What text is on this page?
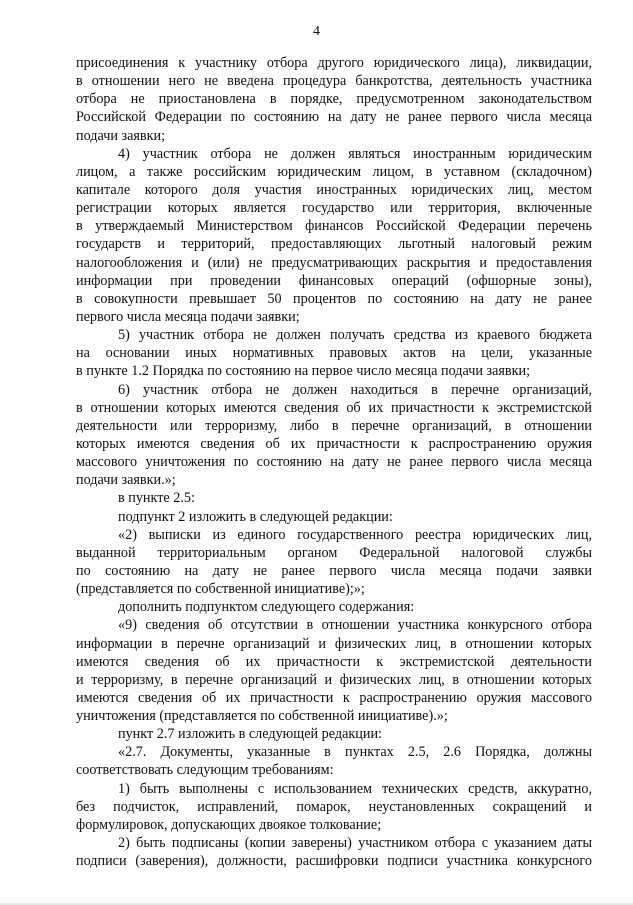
4
присоединения к участнику отбора другого юридического лица), ликвидации,
в отношении него не введена процедура банкротства, деятельность участника
отбора не приостановлена в порядке, предусмотренном законодательством
Российской Федерации по состоянию на дату не ранее первого числа месяца
подачи заявки;
4) участник отбора не должен являться иностранным юридическим
лицом, а также российским юридическим лицом, в уставном (складочном)
капитале которого доля участия иностранных юридических лиц, местом
регистрации которых является государство или территория, включенные
в утверждаемый Министерством финансов Российской Федерации перечень
государств и территорий, предоставляющих льготный налоговый режим
налогообложения и (или) не предусматривающих раскрытия и предоставления
информации при проведении финансовых операций (офшорные зоны),
в совокупности превышает 50 процентов по состоянию на дату не ранее
первого числа месяца подачи заявки;
5) участник отбора не должен получать средства из краевого бюджета
на основании иных нормативных правовых актов на цели, указанные
в пункте 1.2 Порядка по состоянию на первое число месяца подачи заявки;
6) участник отбора не должен находиться в перечне организаций,
в отношении которых имеются сведения об их причастности к экстремистской
деятельности или терроризму, либо в перечне организаций, в отношении
которых имеются сведения об их причастности к распространению оружия
массового уничтожения по состоянию на дату не ранее первого числа месяца
подачи заявки.»;
в пункте 2.5:
подпункт 2 изложить в следующей редакции:
«2) выписки из единого государственного реестра юридических лиц,
выданной территориальным органом Федеральной налоговой службы
по состоянию на дату не ранее первого числа месяца подачи заявки
(представляется по собственной инициативе);»;
дополнить подпунктом следующего содержания:
«9) сведения об отсутствии в отношении участника конкурсного отбора
информации в перечне организаций и физических лиц, в отношении которых
имеются сведения об их причастности к экстремистской деятельности
и терроризму, в перечне организаций и физических лиц, в отношении которых
имеются сведения об их причастности к распространению оружия массового
уничтожения (представляется по собственной инициативе).»;
пункт 2.7 изложить в следующей редакции:
«2.7. Документы, указанные в пунктах 2.5, 2.6 Порядка, должны
соответствовать следующим требованиям:
1) быть выполнены с использованием технических средств, аккуратно,
без подчисток, исправлений, помарок, неустановленных сокращений и
формулировок, допускающих двоякое толкование;
2) быть подписаны (копии заверены) участником отбора с указанием даты
подписи (заверения), должности, расшифровки подписи участника конкурсного
